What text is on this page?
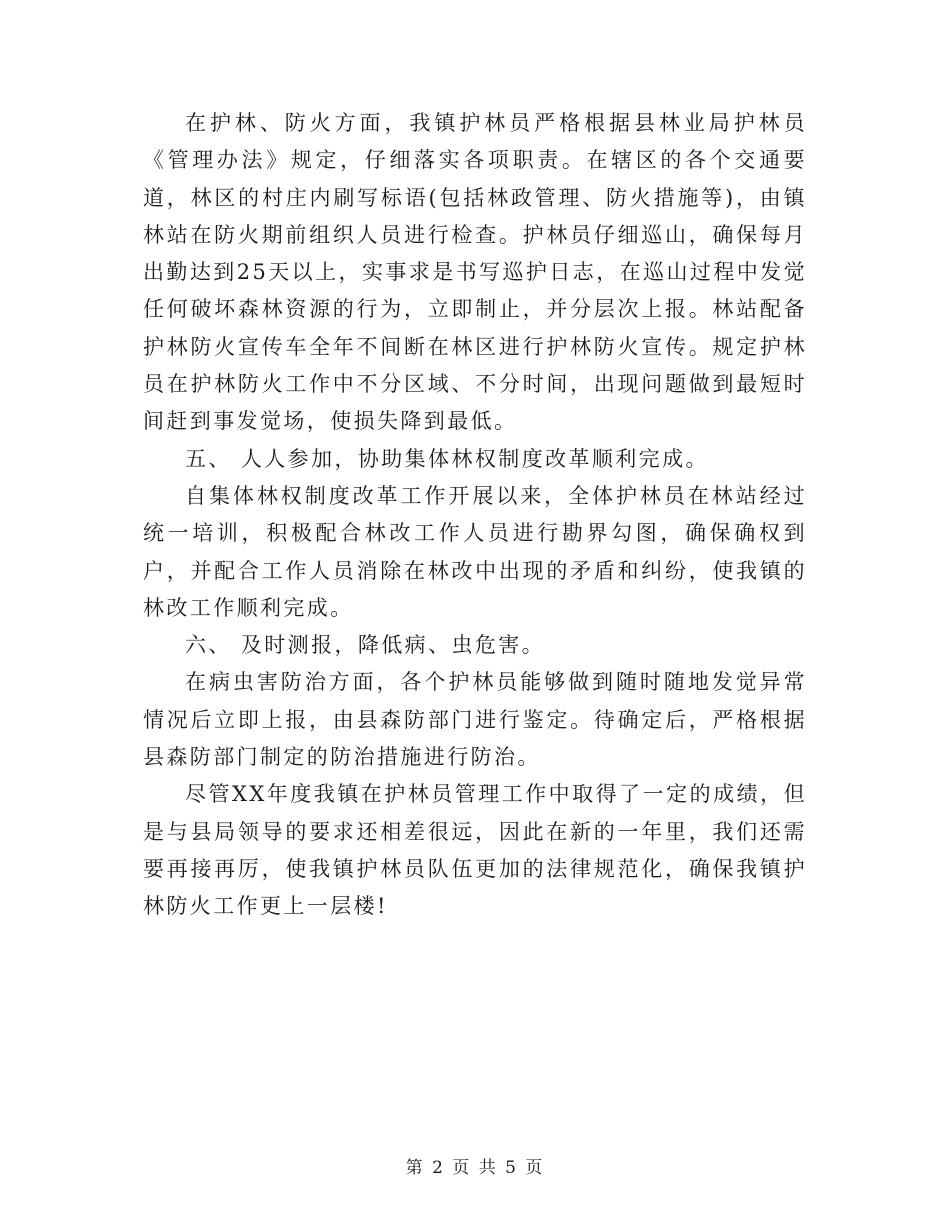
在护林、防火方面，我镇护林员严格根据县林业局护林员《管理办法》规定，仔细落实各项职责。在辖区的各个交通要道，林区的村庄内刷写标语(包括林政管理、防火措施等)，由镇林站在防火期前组织人员进行检查。护林员仔细巡山，确保每月出勤达到25天以上，实事求是书写巡护日志，在巡山过程中发觉任何破坏森林资源的行为，立即制止，并分层次上报。林站配备护林防火宣传车全年不间断在林区进行护林防火宣传。规定护林员在护林防火工作中不分区域、不分时间，出现问题做到最短时间赶到事发觉场，使损失降到最低。

五、 人人参加，协助集体林权制度改革顺利完成。

自集体林权制度改革工作开展以来，全体护林员在林站经过统一培训，积极配合林改工作人员进行勘界勾图，确保确权到户，并配合工作人员消除在林改中出现的矛盾和纠纷，使我镇的林改工作顺利完成。

六、 及时测报，降低病、虫危害。

在病虫害防治方面，各个护林员能够做到随时随地发觉异常情况后立即上报，由县森防部门进行鉴定。待确定后，严格根据县森防部门制定的防治措施进行防治。

尽管XX年度我镇在护林员管理工作中取得了一定的成绩，但是与县局领导的要求还相差很远，因此在新的一年里，我们还需要再接再厉，使我镇护林员队伍更加的法律规范化，确保我镇护林防火工作更上一层楼!

第 2 页 共 5 页
